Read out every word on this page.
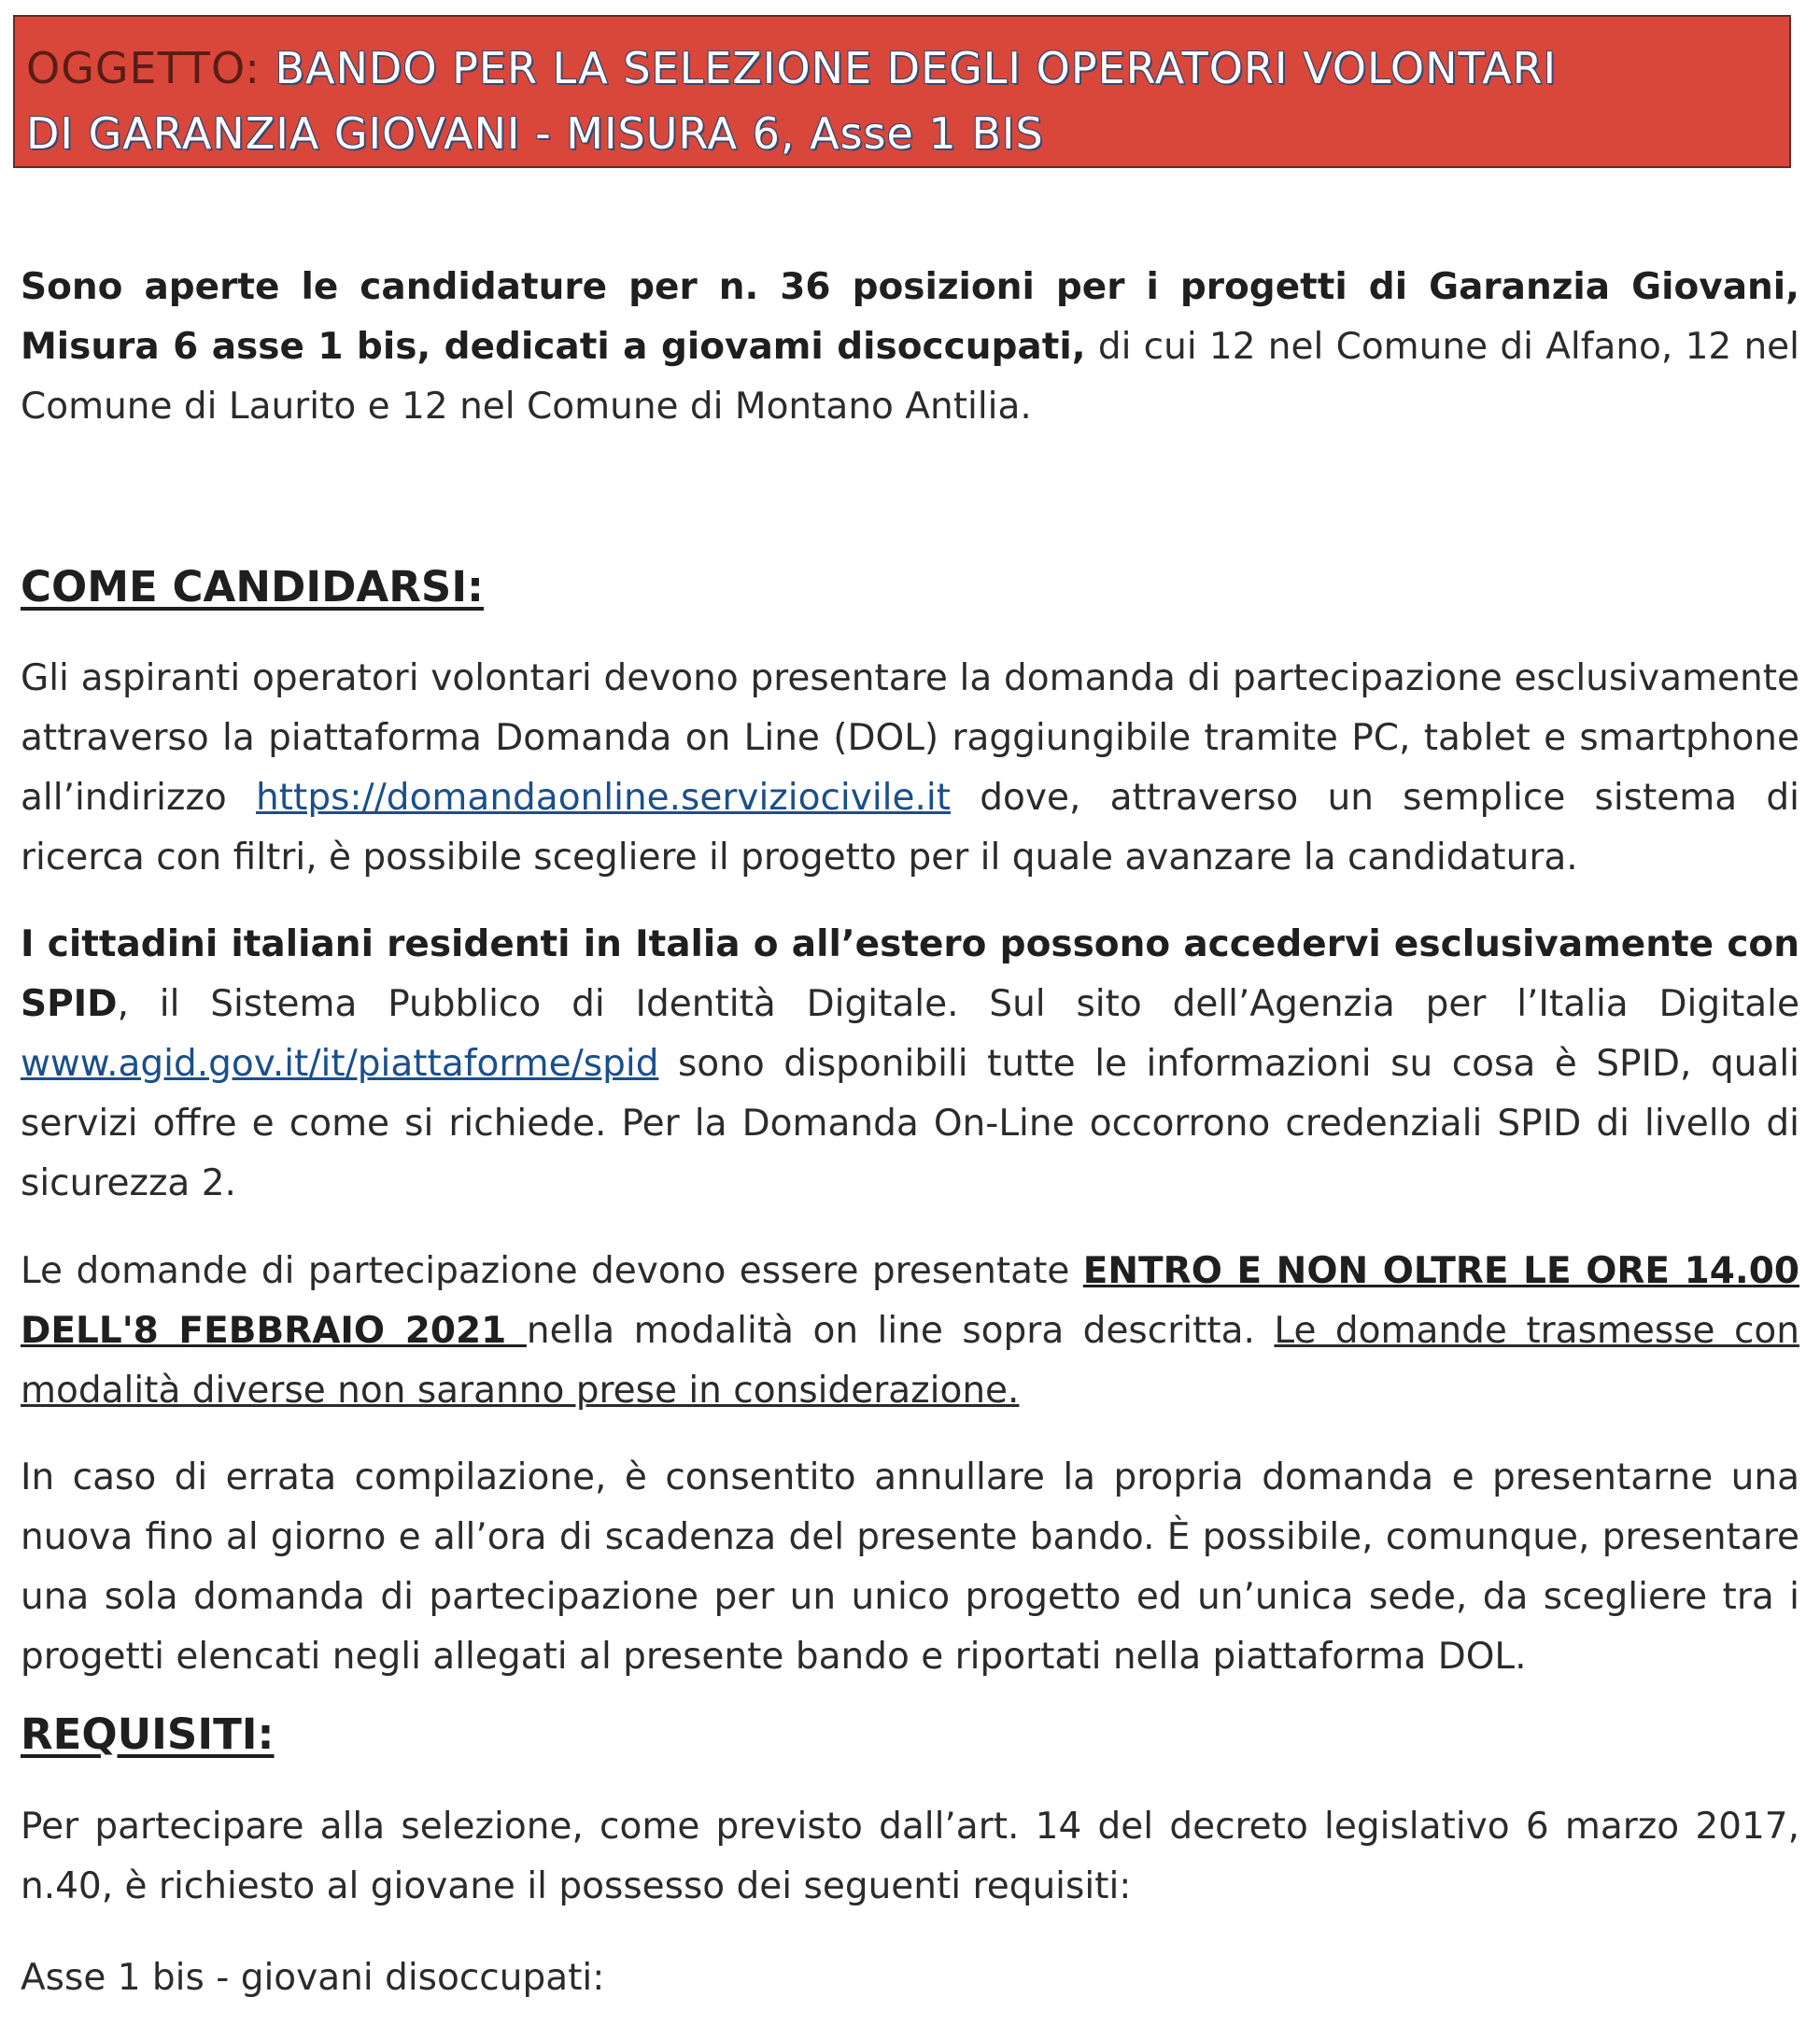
OGGETTO: BANDO PER LA SELEZIONE DEGLI OPERATORI VOLONTARI
DI GARANZIA GIOVANI - MISURA 6, Asse 1 BIS

Sono aperte le candidature per n. 36 posizioni per i progetti di Garanzia Giovani, Misura 6 asse 1 bis, dedicati a giovami disoccupati, di cui 12 nel Comune di Alfano, 12 nel Comune di Laurito e 12 nel Comune di Montano Antilia.

COME CANDIDARSI:

Gli aspiranti operatori volontari devono presentare la domanda di partecipazione esclusivamente attraverso la piattaforma Domanda on Line (DOL) raggiungibile tramite PC, tablet e smartphone all’indirizzo https://domandaonline.serviziocivile.it dove, attraverso un semplice sistema di ricerca con filtri, è possibile scegliere il progetto per il quale avanzare la candidatura.

I cittadini italiani residenti in Italia o all’estero possono accedervi esclusivamente con SPID, il Sistema Pubblico di Identità Digitale. Sul sito dell’Agenzia per l’Italia Digitale www.agid.gov.it/it/piattaforme/spid sono disponibili tutte le informazioni su cosa è SPID, quali servizi offre e come si richiede. Per la Domanda On-Line occorrono credenziali SPID di livello di sicurezza 2.

Le domande di partecipazione devono essere presentate ENTRO E NON OLTRE LE ORE 14.00 DELL'8 FEBBRAIO 2021 nella modalità on line sopra descritta. Le domande trasmesse con modalità diverse non saranno prese in considerazione.

In caso di errata compilazione, è consentito annullare la propria domanda e presentarne una nuova fino al giorno e all’ora di scadenza del presente bando. È possibile, comunque, presentare una sola domanda di partecipazione per un unico progetto ed un’unica sede, da scegliere tra i progetti elencati negli allegati al presente bando e riportati nella piattaforma DOL.

REQUISITI:

Per partecipare alla selezione, come previsto dall’art. 14 del decreto legislativo 6 marzo 2017, n.40, è richiesto al giovane il possesso dei seguenti requisiti:

Asse 1 bis - giovani disoccupati:
